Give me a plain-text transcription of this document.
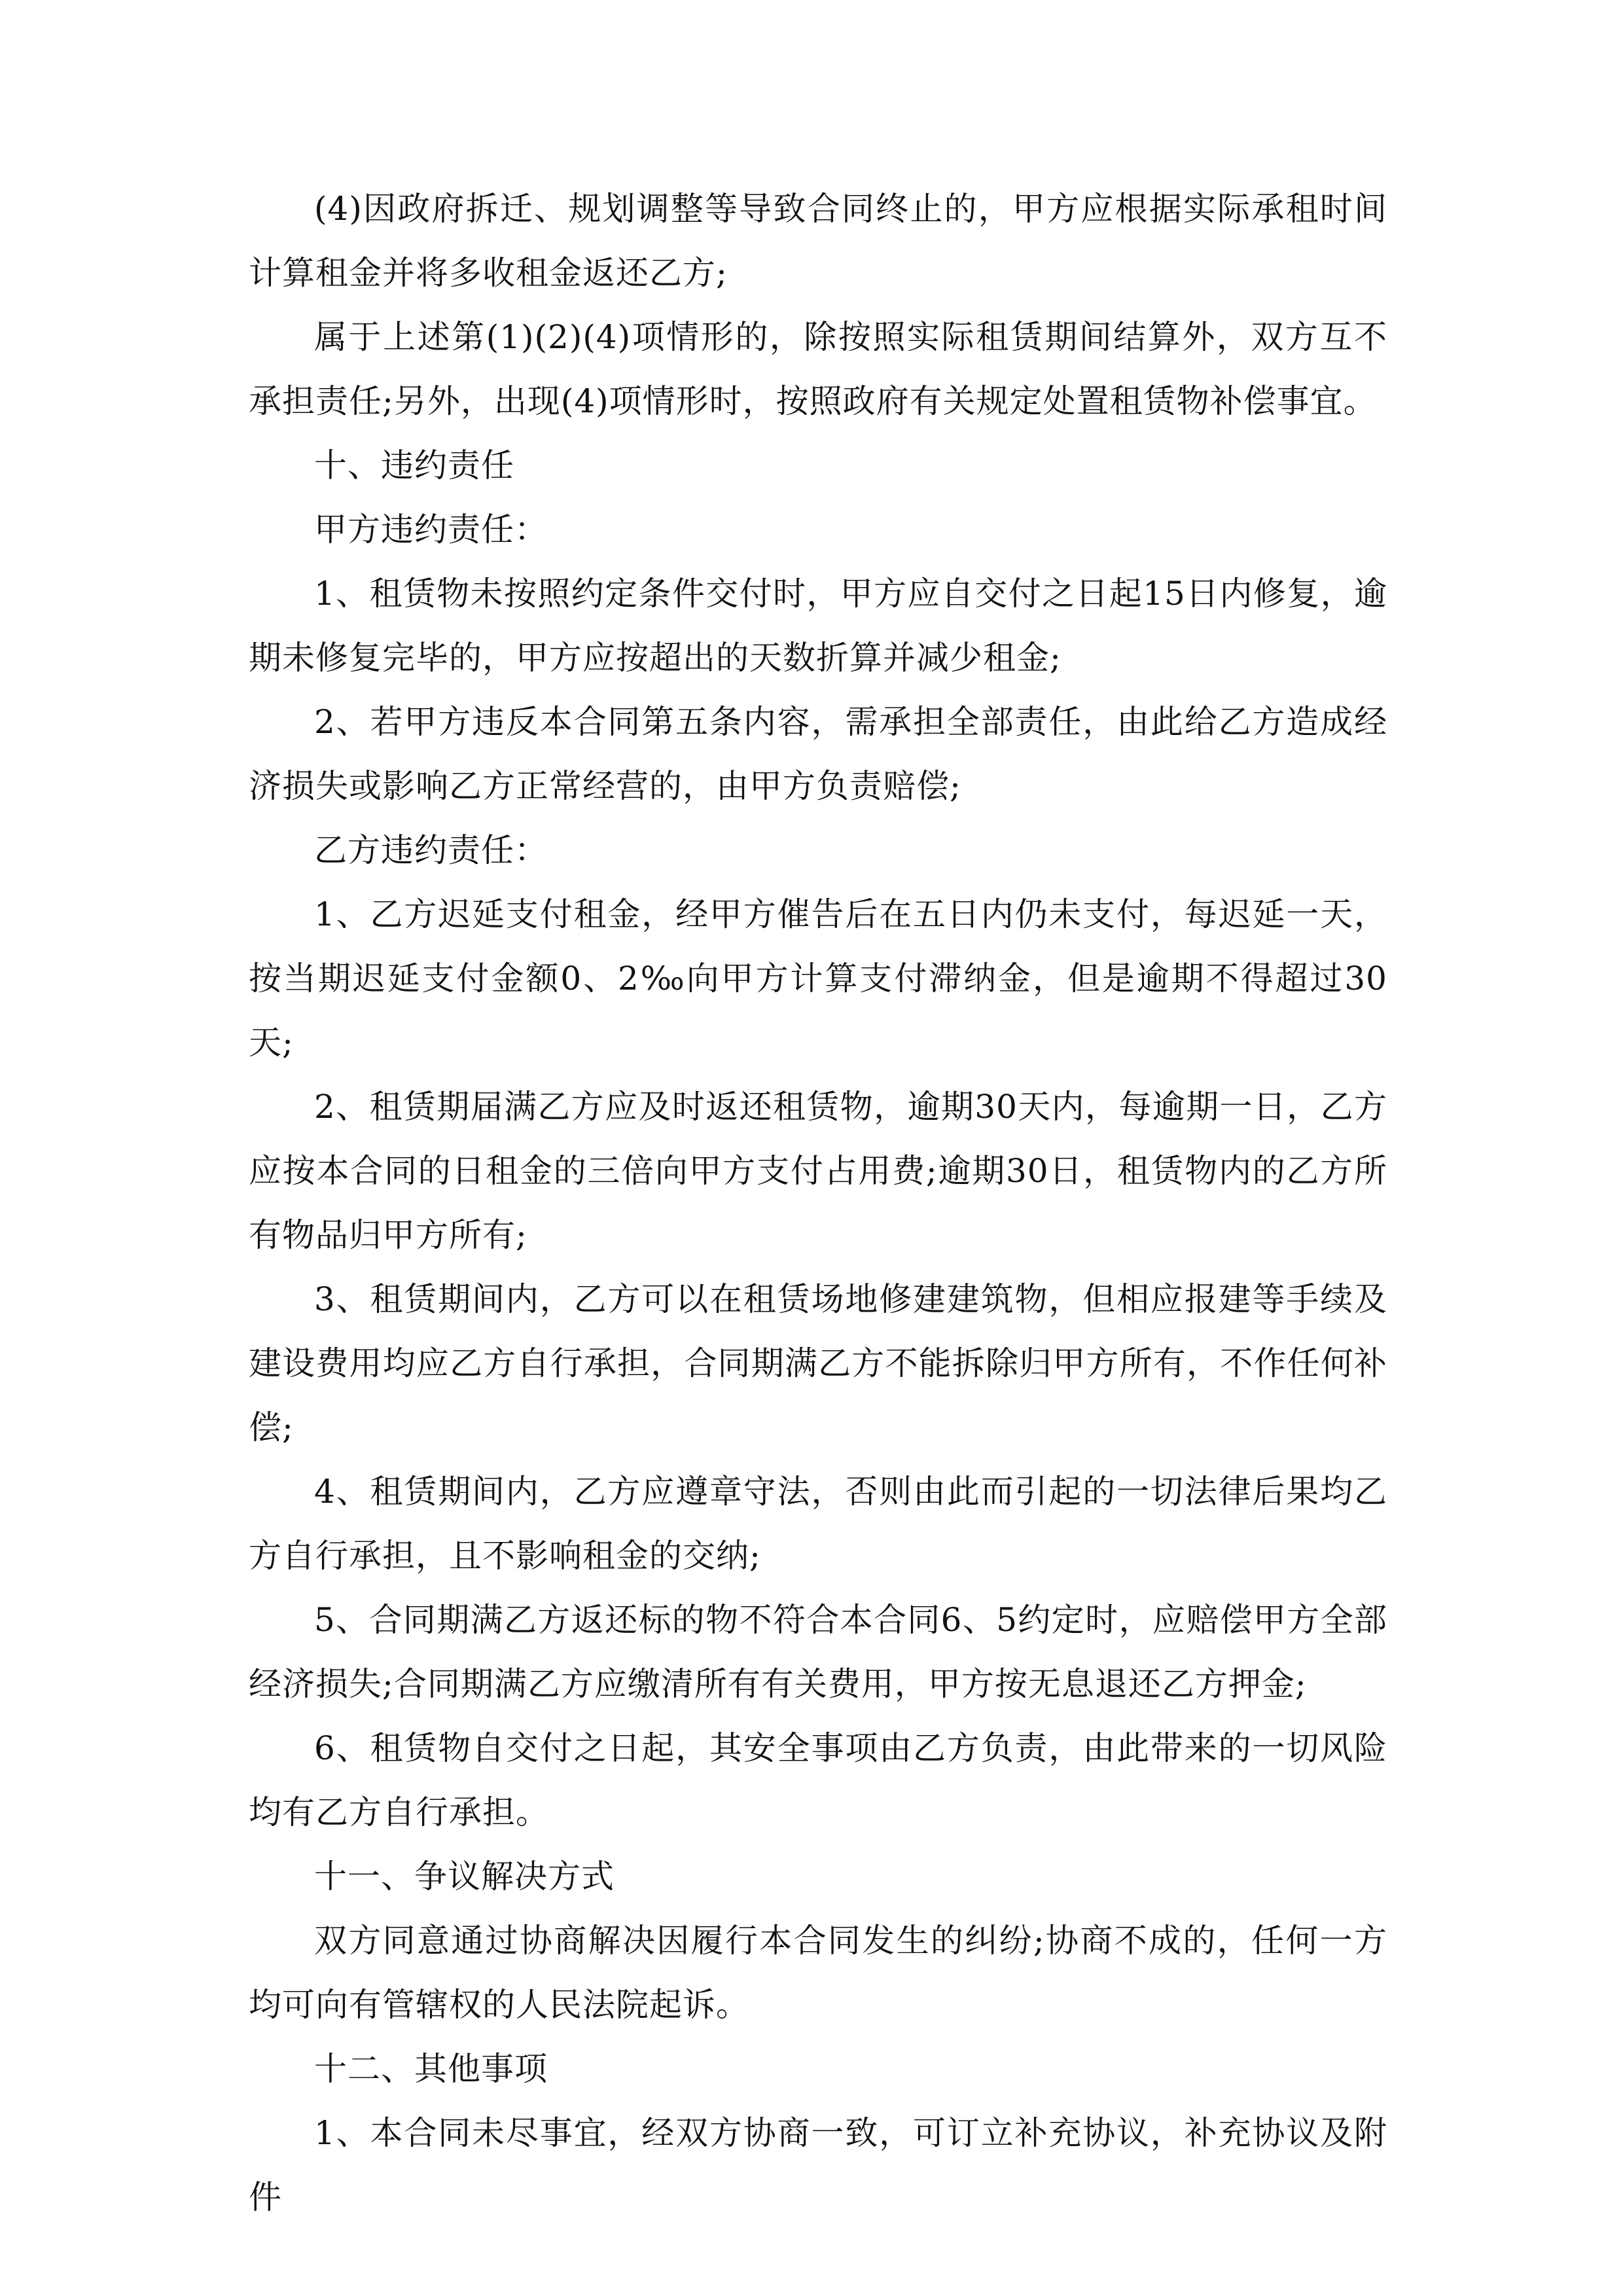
(4)因政府拆迁、规划调整等导致合同终止的，甲方应根据实际承租时间计算租金并将多收租金返还乙方;

属于上述第(1)(2)(4)项情形的，除按照实际租赁期间结算外，双方互不承担责任;另外，出现(4)项情形时，按照政府有关规定处置租赁物补偿事宜。

十、违约责任

甲方违约责任：

1、租赁物未按照约定条件交付时，甲方应自交付之日起15日内修复，逾期未修复完毕的，甲方应按超出的天数折算并减少租金;

2、若甲方违反本合同第五条内容，需承担全部责任，由此给乙方造成经济损失或影响乙方正常经营的，由甲方负责赔偿;

乙方违约责任：

1、乙方迟延支付租金，经甲方催告后在五日内仍未支付，每迟延一天，按当期迟延支付金额0、2‰向甲方计算支付滞纳金，但是逾期不得超过30天;

2、租赁期届满乙方应及时返还租赁物，逾期30天内，每逾期一日，乙方应按本合同的日租金的三倍向甲方支付占用费;逾期30日，租赁物内的乙方所有物品归甲方所有;

3、租赁期间内，乙方可以在租赁场地修建建筑物，但相应报建等手续及建设费用均应乙方自行承担，合同期满乙方不能拆除归甲方所有，不作任何补偿;

4、租赁期间内，乙方应遵章守法，否则由此而引起的一切法律后果均乙方自行承担，且不影响租金的交纳;

5、合同期满乙方返还标的物不符合本合同6、5约定时，应赔偿甲方全部经济损失;合同期满乙方应缴清所有有关费用，甲方按无息退还乙方押金;

6、租赁物自交付之日起，其安全事项由乙方负责，由此带来的一切风险均有乙方自行承担。

十一、争议解决方式

双方同意通过协商解决因履行本合同发生的纠纷;协商不成的，任何一方均可向有管辖权的人民法院起诉。

十二、其他事项

1、本合同未尽事宜，经双方协商一致，可订立补充协议，补充协议及附件
